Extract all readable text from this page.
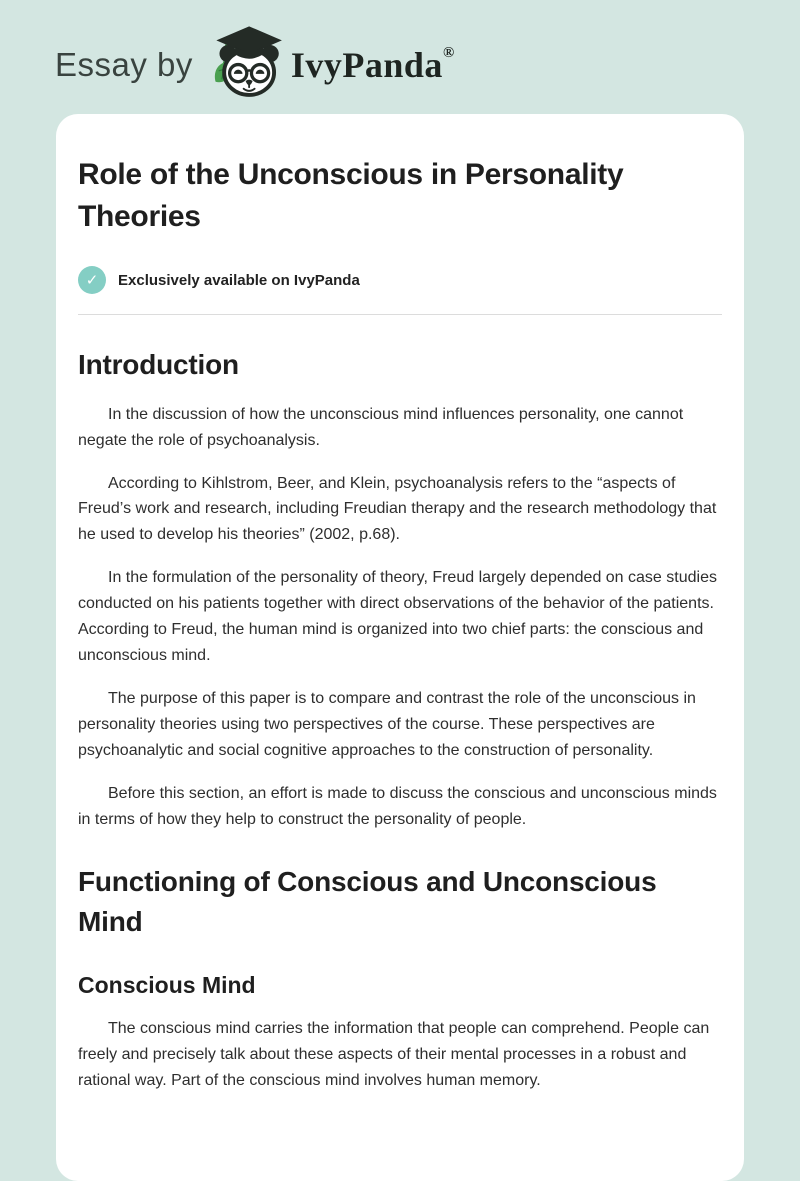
Essay by	IvyPanda®
Role of the Unconscious in Personality Theories
✓	Exclusively available on IvyPanda
Introduction

In the discussion of how the unconscious mind influences personality, one cannot negate the role of psychoanalysis.

According to Kihlstrom, Beer, and Klein, psychoanalysis refers to the “aspects of Freud’s work and research, including Freudian therapy and the research methodology that he used to develop his theories” (2002, p.68).

In the formulation of the personality of theory, Freud largely depended on case studies conducted on his patients together with direct observations of the behavior of the patients. According to Freud, the human mind is organized into two chief parts: the conscious and unconscious mind.

The purpose of this paper is to compare and contrast the role of the unconscious in personality theories using two perspectives of the course. These perspectives are psychoanalytic and social cognitive approaches to the construction of personality.

Before this section, an effort is made to discuss the conscious and unconscious minds in terms of how they help to construct the personality of people.

Functioning of Conscious and Unconscious Mind
Conscious Mind

The conscious mind carries the information that people can comprehend. People can freely and precisely talk about these aspects of their mental processes in a robust and rational way. Part of the conscious mind involves human memory.
